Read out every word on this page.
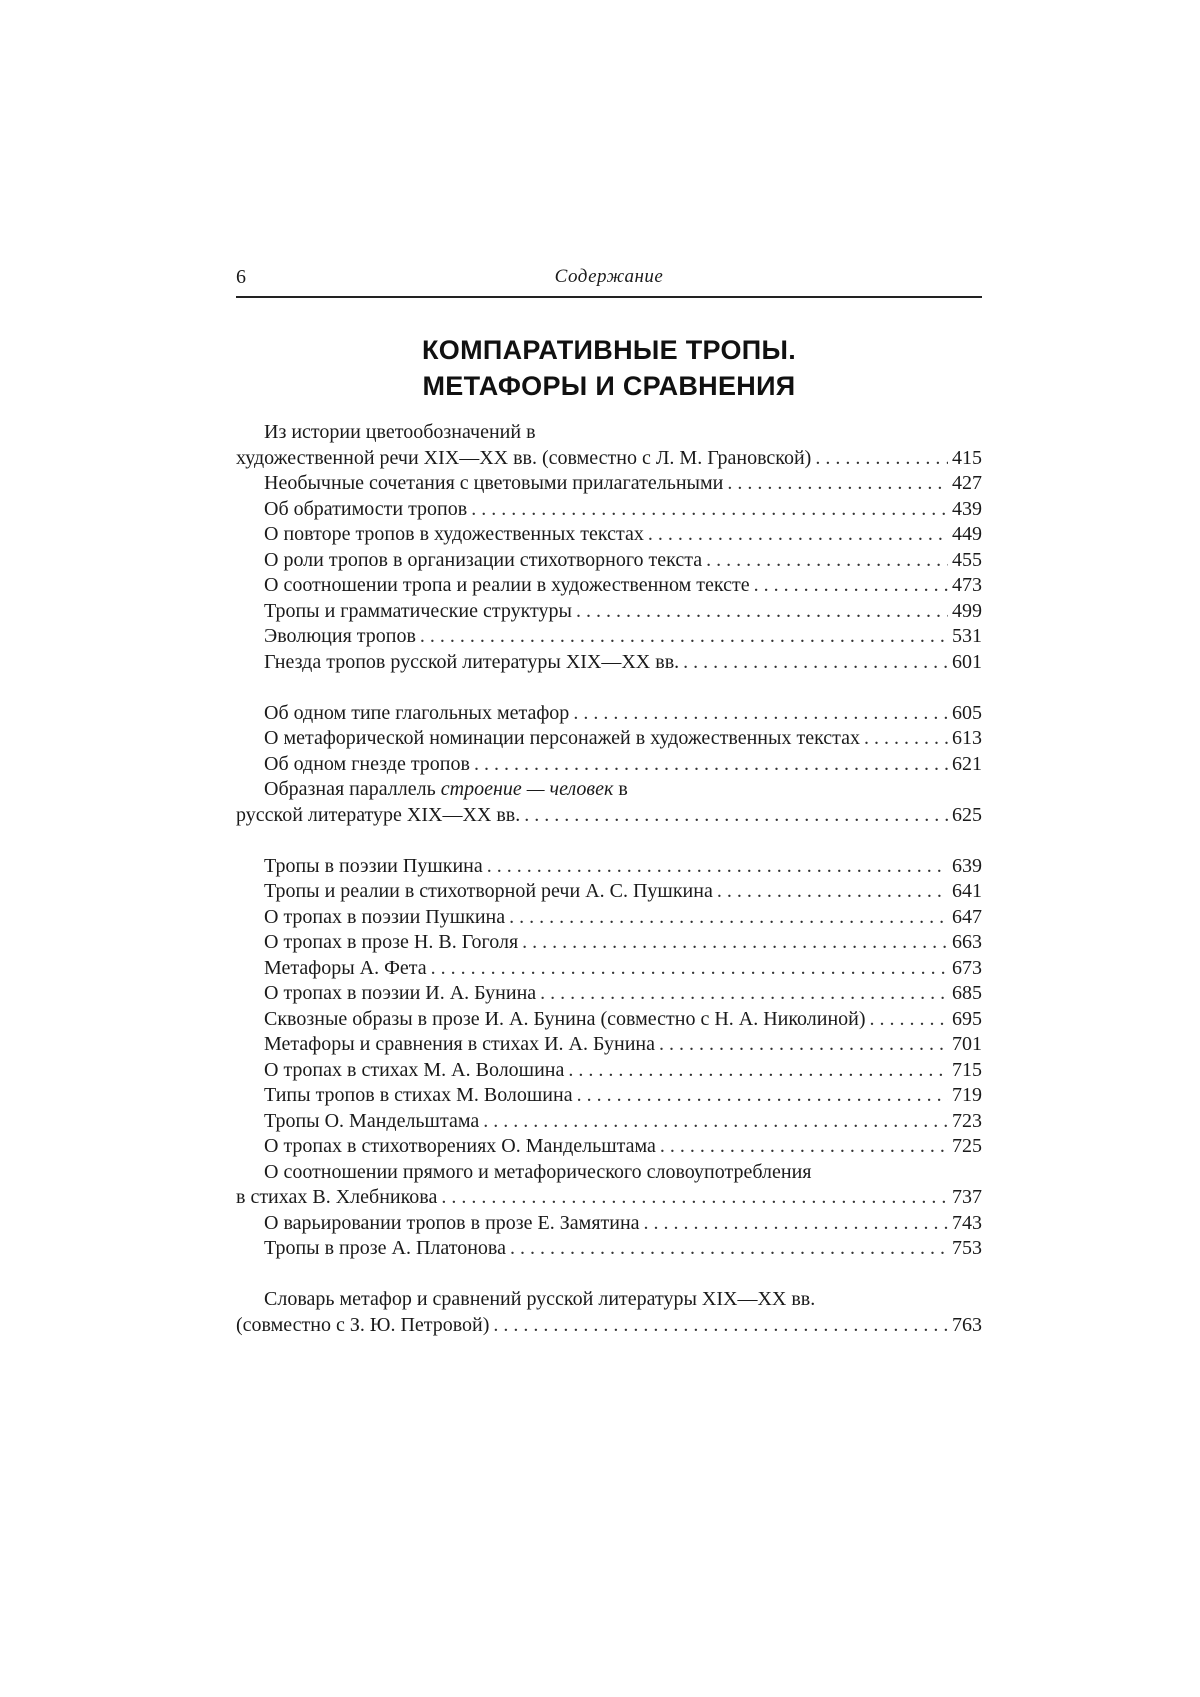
6	Содержание
КОМПАРАТИВНЫЕ ТРОПЫ.
МЕТАФОРЫ И СРАВНЕНИЯ
Из истории цветообозначений в
художественной речи XIX—XX вв. (совместно с Л. М. Грановской) . . .	415
Необычные сочетания с цветовыми прилагательными . . .	427
Об обратимости тропов . . .	439
О повторе тропов в художественных текстах . . .	449
О роли тропов в организации стихотворного текста . . .	455
О соотношении тропа и реалии в художественном тексте . . .	473
Тропы и грамматические структуры . . .	499
Эволюция тропов . . .	531
Гнезда тропов русской литературы XIX—XX вв. . . .	601
Об одном типе глагольных метафор . . .	605
О метафорической номинации персонажей в художественных текстах . . .	613
Об одном гнезде тропов . . .	621
Образная параллель строение — человек в
русской литературе XIX—XX вв. . . .	625
Тропы в поэзии Пушкина . . .	639
Тропы и реалии в стихотворной речи А. С. Пушкина . . .	641
О тропах в поэзии Пушкина . . .	647
О тропах в прозе Н. В. Гоголя . . .	663
Метафоры А. Фета . . .	673
О тропах в поэзии И. А. Бунина . . .	685
Сквозные образы в прозе И. А. Бунина (совместно с Н. А. Николиной) . . .	695
Метафоры и сравнения в стихах И. А. Бунина . . .	701
О тропах в стихах М. А. Волошина . . .	715
Типы тропов в стихах М. Волошина . . .	719
Тропы О. Мандельштама . . .	723
О тропах в стихотворениях О. Мандельштама . . .	725
О соотношении прямого и метафорического словоупотребления
в стихах В. Хлебникова . . .	737
О варьировании тропов в прозе Е. Замятина . . .	743
Тропы в прозе А. Платонова . . .	753
Словарь метафор и сравнений русской литературы XIX—XX вв.
(совместно с З. Ю. Петровой) . . .	763
